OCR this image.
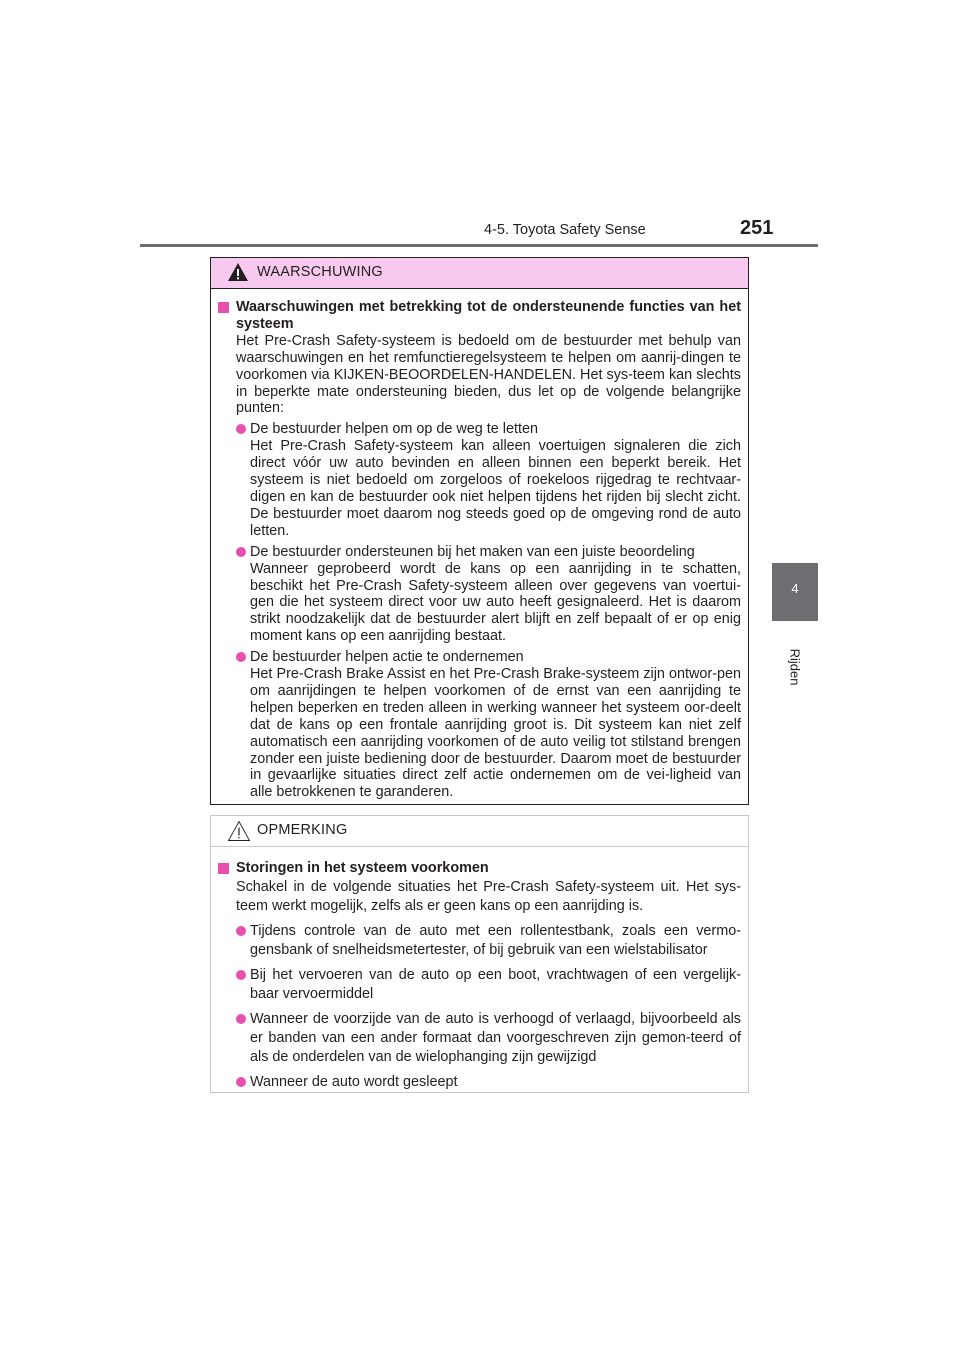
4-5. Toyota Safety Sense	251
4
Rijden
WAARSCHUWING
Waarschuwingen met betrekking tot de ondersteunende functies van het systeem
Het Pre-Crash Safety-systeem is bedoeld om de bestuurder met behulp van waarschuwingen en het remfunctieregelsysteem te helpen om aanrij-dingen te voorkomen via KIJKEN-BEOORDELEN-HANDELEN. Het sys-teem kan slechts in beperkte mate ondersteuning bieden, dus let op de volgende belangrijke punten:
De bestuurder helpen om op de weg te letten
Het Pre-Crash Safety-systeem kan alleen voertuigen signaleren die zich direct vóór uw auto bevinden en alleen binnen een beperkt bereik. Het systeem is niet bedoeld om zorgeloos of roekeloos rijgedrag te rechtvaar-digen en kan de bestuurder ook niet helpen tijdens het rijden bij slecht zicht. De bestuurder moet daarom nog steeds goed op de omgeving rond de auto letten.
De bestuurder ondersteunen bij het maken van een juiste beoordeling
Wanneer geprobeerd wordt de kans op een aanrijding in te schatten, beschikt het Pre-Crash Safety-systeem alleen over gegevens van voertui-gen die het systeem direct voor uw auto heeft gesignaleerd. Het is daarom strikt noodzakelijk dat de bestuurder alert blijft en zelf bepaalt of er op enig moment kans op een aanrijding bestaat.
De bestuurder helpen actie te ondernemen
Het Pre-Crash Brake Assist en het Pre-Crash Brake-systeem zijn ontwor-pen om aanrijdingen te helpen voorkomen of de ernst van een aanrijding te helpen beperken en treden alleen in werking wanneer het systeem oor-deelt dat de kans op een frontale aanrijding groot is. Dit systeem kan niet zelf automatisch een aanrijding voorkomen of de auto veilig tot stilstand brengen zonder een juiste bediening door de bestuurder. Daarom moet de bestuurder in gevaarlijke situaties direct zelf actie ondernemen om de vei-ligheid van alle betrokkenen te garanderen.
OPMERKING
Storingen in het systeem voorkomen
Schakel in de volgende situaties het Pre-Crash Safety-systeem uit. Het sys-teem werkt mogelijk, zelfs als er geen kans op een aanrijding is.
Tijdens controle van de auto met een rollentestbank, zoals een vermo-gensbank of snelheidsmetertester, of bij gebruik van een wielstabilisator
Bij het vervoeren van de auto op een boot, vrachtwagen of een vergelijk-baar vervoermiddel
Wanneer de voorzijde van de auto is verhoogd of verlaagd, bijvoorbeeld als er banden van een ander formaat dan voorgeschreven zijn gemon-teerd of als de onderdelen van de wielophanging zijn gewijzigd
Wanneer de auto wordt gesleept
